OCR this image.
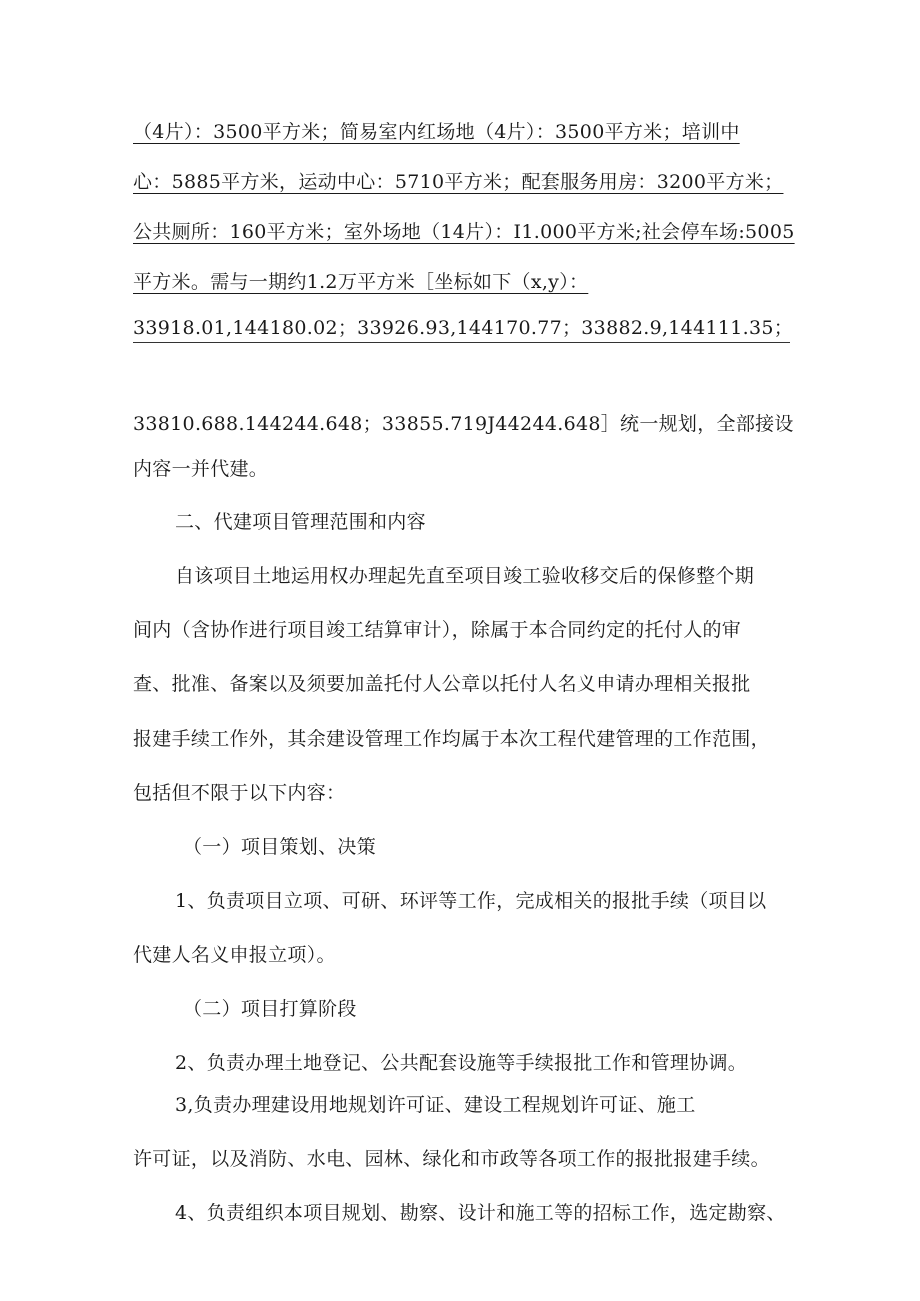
（4片）：3500平方米；简易室内红场地（4片）：3500平方米；培训中
心：5885平方米，运动中心：5710平方米；配套服务用房：3200平方米；
公共厕所：160平方米；室外场地（14片）：I1.000平方米;社会停车场:5005
平方米。需与一期约1.2万平方米［坐标如下（x,y）：
33918.01,144180.02；33926.93,144170.77；33882.9,144111.35；
33810.688.144244.648；33855.719J44244.648］统一规划，全部接设
内容一并代建。
二、代建项目管理范围和内容
自该项目土地运用权办理起先直至项目竣工验收移交后的保修整个期
间内（含协作进行项目竣工结算审计），除属于本合同约定的托付人的审
查、批准、备案以及须要加盖托付人公章以托付人名义申请办理相关报批
报建手续工作外，其余建设管理工作均属于本次工程代建管理的工作范围，
包括但不限于以下内容：
（一）项目策划、决策
1、负责项目立项、可研、环评等工作，完成相关的报批手续（项目以
代建人名义申报立项）。
（二）项目打算阶段
2、负责办理土地登记、公共配套设施等手续报批工作和管理协调。
3,负责办理建设用地规划许可证、建设工程规划许可证、施工
许可证，以及消防、水电、园林、绿化和市政等各项工作的报批报建手续。
4、负责组织本项目规划、勘察、设计和施工等的招标工作，选定勘察、
